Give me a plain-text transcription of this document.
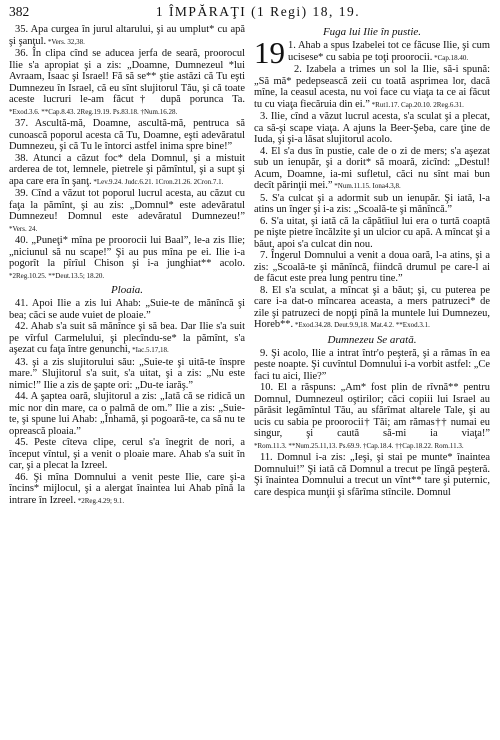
382	1 ÎMPĂRAŢI (1 Regi) 18, 19.

35. Apa curgea în jurul altarului, şi au umplut* cu apă şi şanţul. *Vers. 32,38.

36. În clipa cînd se aducea jerfa de seară, proorocul Ilie s'a apropiat şi a zis: „Doamne, Dumnezeul *lui Avraam, Isaac şi Israel! Fă să se** ştie astăzi că Tu eşti Dumnezeu în Israel, că eu sînt slujitorul Tău, şi că toate aceste lucruri le-am făcut† după porunca Ta. *Exod.3.6. **Cap.8.43. 2Reg.19.19. Ps.83.18. †Num.16.28.

37. Ascultă-mă, Doamne, ascultă-mă, pentruca să cunoască poporul acesta că Tu, Doamne, eşti adevăratul Dumnezeu, şi că Tu le întorci astfel inima spre bine!”

38. Atunci a căzut foc* dela Domnul, şi a mistuit arderea de tot, lemnele, pietrele şi pămîntul, şi a supt şi apa care era în şanţ. *Lev.9.24. Judc.6.21. 1Cron.21.26. 2Cron.7.1.

39. Cînd a văzut tot poporul lucrul acesta, au căzut cu faţa la pămînt, şi au zis: „Domnul* este adevăratul Dumnezeu! Domnul este adevăratul Dumnezeu!” *Vers. 24.

40. „Puneţi* mîna pe proorocii lui Baal”, le-a zis Ilie; „niciunul să nu scape!” Şi au pus mîna pe ei. Ilie i-a pogorît la pîrîul Chison şi i-a junghiat** acolo. *2Reg.10.25. **Deut.13.5; 18.20.

Ploaia.

41. Apoi Ilie a zis lui Ahab: „Suie-te de mănîncă şi bea; căci se aude vuiet de ploaie.”

42. Ahab s'a suit să mănînce şi să bea. Dar Ilie s'a suit pe vîrful Carmelului, şi plecîndu-se* la pămînt, s'a aşezat cu faţa între genunchi, *Iac.5.17,18.

43. şi a zis slujitorului său: „Suie-te şi uită-te înspre mare.” Slujitorul s'a suit, s'a uitat, şi a zis: „Nu este nimic!” Ilie a zis de şapte ori: „Du-te iarăş.”

44. A şaptea oară, slujitorul a zis: „Iată că se ridică un mic nor din mare, ca o palmă de om.” Ilie a zis: „Suie-te, şi spune lui Ahab: „Înhamă, şi pogoară-te, ca să nu te oprească ploaia.”

45. Peste cîteva clipe, cerul s'a înegrit de nori, a început vîntul, şi a venit o ploaie mare. Ahab s'a suit în car, şi a plecat la Izreel.

46. Şi mîna Domnului a venit peste Ilie, care şi-a încins* mijlocul, şi a alergat înaintea lui Ahab pînă la intrare în Izreel. *2Reg.4.29; 9.1.

Fuga lui Ilie în pustie.

19 1. Ahab a spus Izabelei tot ce făcuse Ilie, şi cum ucisese* cu sabia pe toţi proorocii. *Cap.18.40.

2. Izabela a trimes un sol la Ilie, să-i spună: „Să mă* pedepsească zeii cu toată asprimea lor, dacă mîne, la ceasul acesta, nu voi face cu viaţa ta ce ai făcut tu cu viaţa fiecăruia din ei.” *Rut1.17. Cap.20.10. 2Reg.6.31.

3. Ilie, cînd a văzut lucrul acesta, s'a sculat şi a plecat, ca să-şi scape viaţa. A ajuns la Beer-Şeba, care ţine de Iuda, şi şi-a lăsat slujitorul acolo.

4. El s'a dus în pustie, cale de o zi de mers; s'a aşezat sub un ienupăr, şi a dorit* să moară, zicînd: „Destul! Acum, Doamne, ia-mi sufletul, căci nu sînt mai bun decît părinţii mei.” *Num.11.15. Iona4.3,8.

5. S'a culcat şi a adormit sub un ienupăr. Şi iată, l-a atins un înger şi i-a zis: „Scoală-te şi mănîncă.”

6. S'a uitat, şi iată că la căpătîiul lui era o turtă coaptă pe nişte pietre încălzite şi un ulcior cu apă. A mîncat şi a băut, apoi s'a culcat din nou.

7. Îngerul Domnului a venit a doua oară, l-a atins, şi a zis: „Scoală-te şi mănîncă, fiindcă drumul pe care-l ai de făcut este prea lung pentru tine.”

8. El s'a sculat, a mîncat şi a băut; şi, cu puterea pe care i-a dat-o mîncarea aceasta, a mers patruzeci* de zile şi patruzeci de nopţi pînă la muntele lui Dumnezeu, Horeb**. *Exod.34.28. Deut.9.9,18. Mat.4.2. **Exod.3.1.

Dumnezeu Se arată.

9. Şi acolo, Ilie a intrat într'o peşteră, şi a rămas în ea peste noapte. Şi cuvîntul Domnului i-a vorbit astfel: „Ce faci tu aici, Ilie?”

10. El a răspuns: „Am* fost plin de rîvnă** pentru Domnul, Dumnezeul oştirilor; căci copiii lui Israel au părăsit legămîntul Tău, au sfărîmat altarele Tale, şi au ucis cu sabia pe proorocii† Tăi; am rămas†† numai eu singur, şi caută să-mi ia viaţa!” *Rom.11.3. **Num.25.11,13. Ps.69.9. †Cap.18.4. ††Cap.18.22. Rom.11.3.

11. Domnul i-a zis: „Ieşi, şi stai pe munte* înaintea Domnului!” Şi iată că Domnul a trecut pe lîngă peşteră. Şi înaintea Domnului a trecut un vînt** tare şi puternic, care despica munţii şi sfărîma stîncile. Domnul
